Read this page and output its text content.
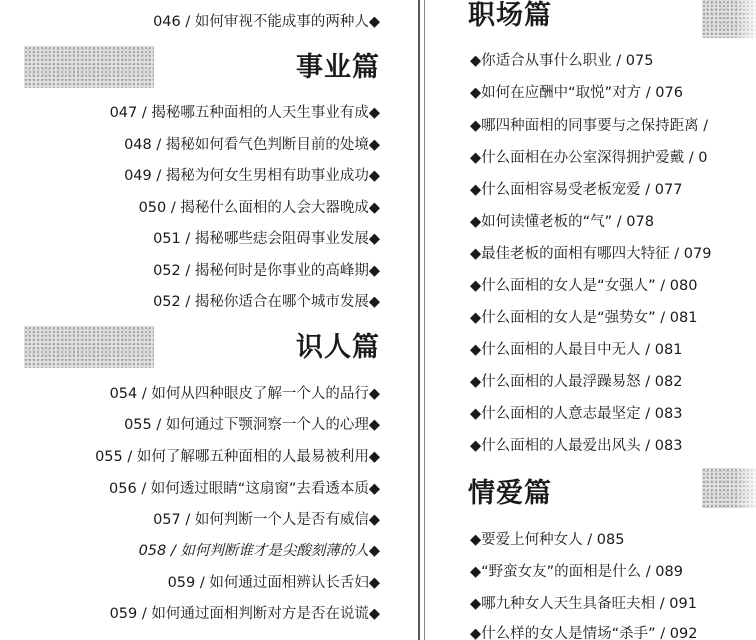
046 / 如何审视不能成事的两种人◆
事业篇
047 / 揭秘哪五种面相的人天生事业有成◆
048 / 揭秘如何看气色判断目前的处境◆
049 / 揭秘为何女生男相有助事业成功◆
050 / 揭秘什么面相的人会大器晚成◆
051 / 揭秘哪些痣会阻碍事业发展◆
052 / 揭秘何时是你事业的高峰期◆
052 / 揭秘你适合在哪个城市发展◆
识人篇
054 / 如何从四种眼皮了解一个人的品行◆
055 / 如何通过下颚洞察一个人的心理◆
055 / 如何了解哪五种面相的人最易被利用◆
056 / 如何透过眼睛“这扇窗”去看透本质◆
057 / 如何判断一个人是否有威信◆
058 / 如何判断谁才是尖酸刻薄的人◆
059 / 如何通过面相辨认长舌妇◆
059 / 如何通过面相判断对方是否在说谎◆
职场篇
◆你适合从事什么职业 / 075
◆如何在应酬中“取悦”对方 / 076
◆哪四种面相的同事要与之保持距离 /
◆什么面相在办公室深得拥护爱戴 / 0
◆什么面相容易受老板宠爱 / 077
◆如何读懂老板的“气” / 078
◆最佳老板的面相有哪四大特征 / 079
◆什么面相的女人是“女强人” / 080
◆什么面相的女人是“强势女” / 081
◆什么面相的人最目中无人 / 081
◆什么面相的人最浮躁易怒 / 082
◆什么面相的人意志最坚定 / 083
◆什么面相的人最爱出风头 / 083
情爱篇
◆要爱上何种女人 / 085
◆“野蛮女友”的面相是什么 / 089
◆哪九种女人天生具备旺夫相 / 091
◆什么样的女人是情场“杀手” / 092
